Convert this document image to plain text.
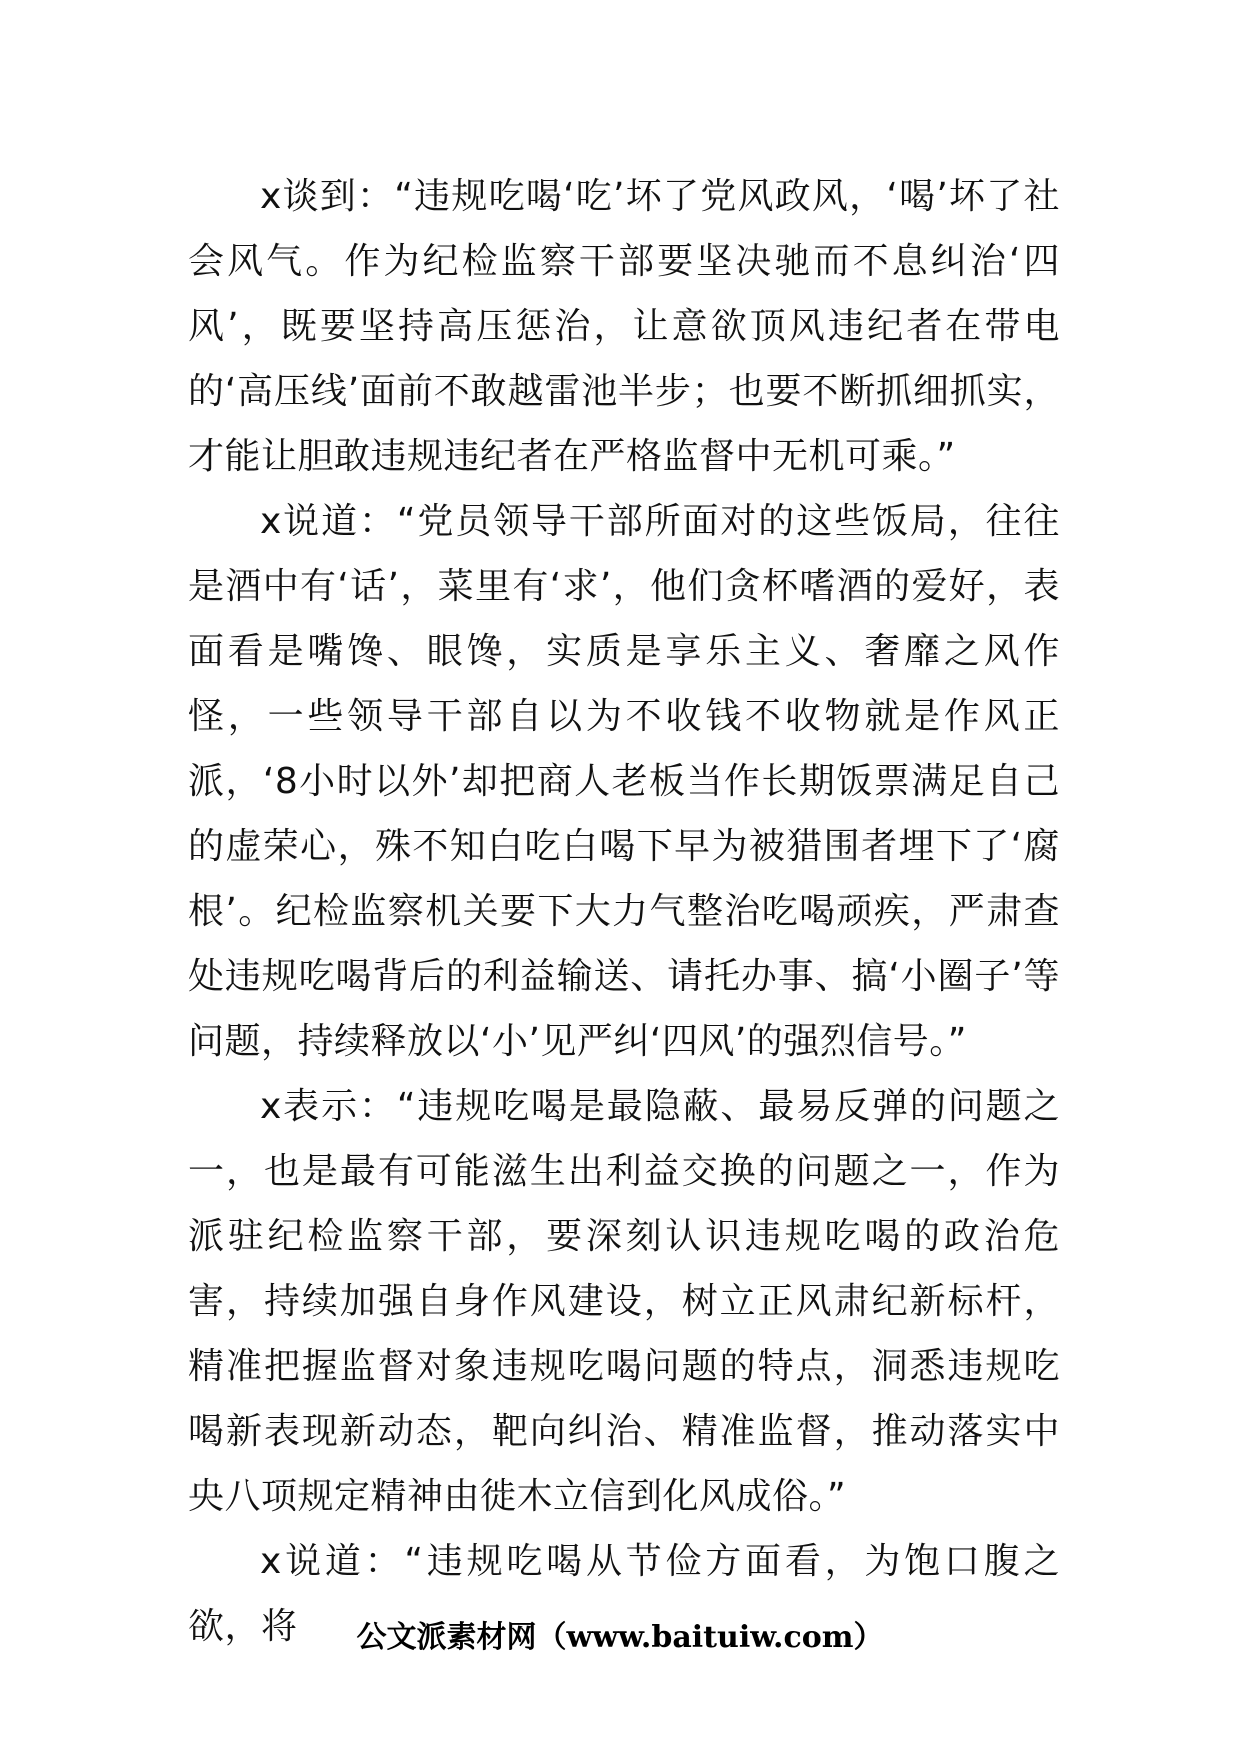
x谈到：“违规吃喝‘吃’坏了党风政风，‘喝’坏了社会风气。作为纪检监察干部要坚决驰而不息纠治‘四风’，既要坚持高压惩治，让意欲顶风违纪者在带电的‘高压线’面前不敢越雷池半步；也要不断抓细抓实，才能让胆敢违规违纪者在严格监督中无机可乘。”

x说道：“党员领导干部所面对的这些饭局，往往是酒中有‘话’，菜里有‘求’，他们贪杯嗜酒的爱好，表面看是嘴馋、眼馋，实质是享乐主义、奢靡之风作怪，一些领导干部自以为不收钱不收物就是作风正派，‘8小时以外’却把商人老板当作长期饭票满足自己的虚荣心，殊不知白吃白喝下早为被猎围者埋下了‘腐根’。纪检监察机关要下大力气整治吃喝顽疾，严肃查处违规吃喝背后的利益输送、请托办事、搞‘小圈子’等问题，持续释放以‘小’见严纠‘四风’的强烈信号。”

x表示：“违规吃喝是最隐蔽、最易反弹的问题之一，也是最有可能滋生出利益交换的问题之一，作为派驻纪检监察干部，要深刻认识违规吃喝的政治危害，持续加强自身作风建设，树立正风肃纪新标杆，精准把握监督对象违规吃喝问题的特点，洞悉违规吃喝新表现新动态，靶向纠治、精准监督，推动落实中央八项规定精神由徙木立信到化风成俗。”

x说道：“违规吃喝从节俭方面看，为饱口腹之欲，将	公文派素材网（www.baituiw.com）
